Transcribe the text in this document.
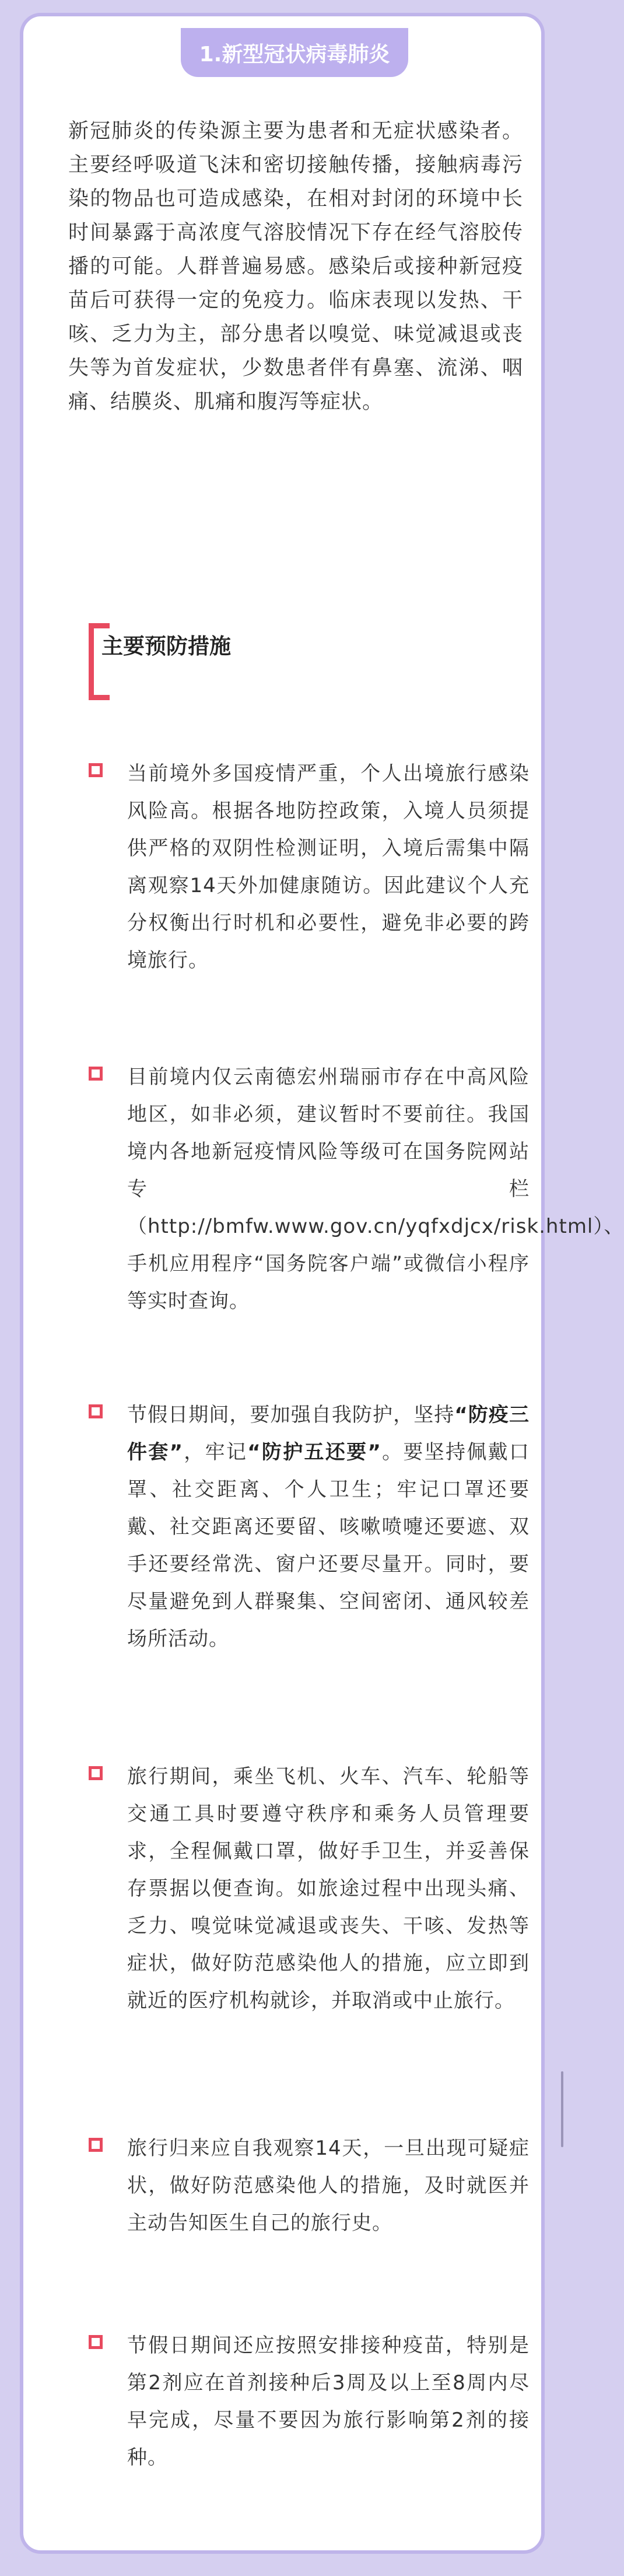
1.新型冠状病毒肺炎

新冠肺炎的传染源主要为患者和无症状感染者。主要经呼吸道飞沫和密切接触传播，接触病毒污染的物品也可造成感染，在相对封闭的环境中长时间暴露于高浓度气溶胶情况下存在经气溶胶传播的可能。人群普遍易感。感染后或接种新冠疫苗后可获得一定的免疫力。临床表现以发热、干咳、乏力为主，部分患者以嗅觉、味觉减退或丧失等为首发症状，少数患者伴有鼻塞、流涕、咽痛、结膜炎、肌痛和腹泻等症状。

主要预防措施

当前境外多国疫情严重，个人出境旅行感染风险高。根据各地防控政策，入境人员须提供严格的双阴性检测证明，入境后需集中隔离观察14天外加健康随访。因此建议个人充分权衡出行时机和必要性，避免非必要的跨境旅行。

目前境内仅云南德宏州瑞丽市存在中高风险地区，如非必须，建议暂时不要前往。我国境内各地新冠疫情风险等级可在国务院网站专栏（http://bmfw.www.gov.cn/yqfxdjcx/risk.html）、手机应用程序“国务院客户端”或微信小程序等实时查询。

节假日期间，要加强自我防护，坚持“防疫三件套”，牢记“防护五还要”。要坚持佩戴口罩、社交距离、个人卫生；牢记口罩还要戴、社交距离还要留、咳嗽喷嚏还要遮、双手还要经常洗、窗户还要尽量开。同时，要尽量避免到人群聚集、空间密闭、通风较差场所活动。

旅行期间，乘坐飞机、火车、汽车、轮船等交通工具时要遵守秩序和乘务人员管理要求，全程佩戴口罩，做好手卫生，并妥善保存票据以便查询。如旅途过程中出现头痛、乏力、嗅觉味觉减退或丧失、干咳、发热等症状，做好防范感染他人的措施，应立即到就近的医疗机构就诊，并取消或中止旅行。

旅行归来应自我观察14天，一旦出现可疑症状，做好防范感染他人的措施，及时就医并主动告知医生自己的旅行史。

节假日期间还应按照安排接种疫苗，特别是第2剂应在首剂接种后3周及以上至8周内尽早完成，尽量不要因为旅行影响第2剂的接种。
